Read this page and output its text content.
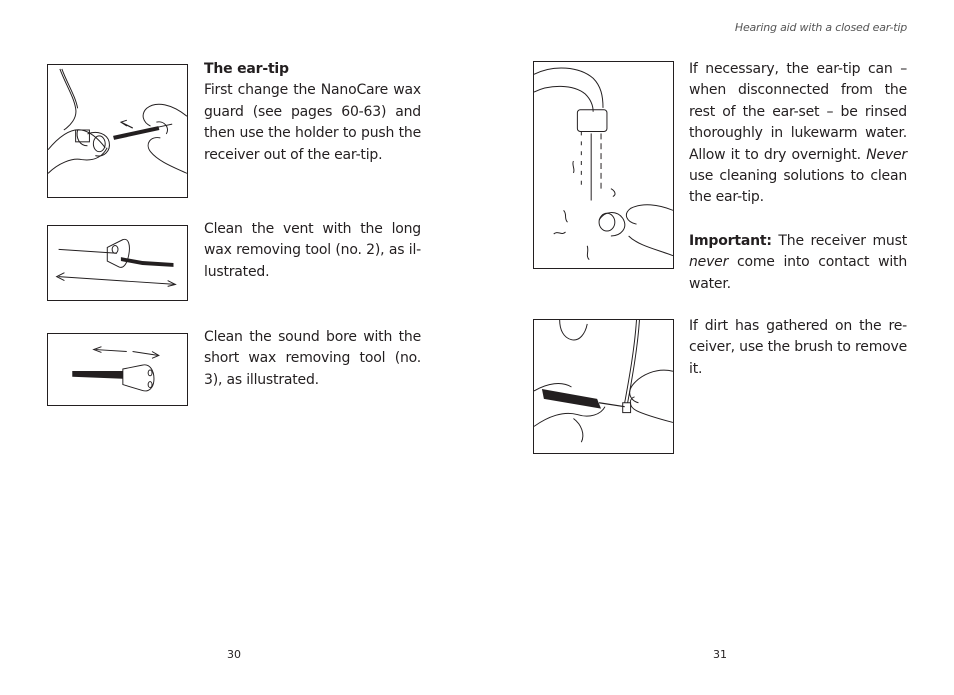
The ear-tip

First change the NanoCare wax guard (see pages 60-63) and then use the holder to push the receiver out of the ear-tip.

Clean the vent with the long wax removing tool (no. 2), as il-lustrated.

Clean the sound bore with the short wax removing tool (no. 3), as illustrated.

30
Hearing aid with a closed ear-tip

If necessary, the ear-tip can – when disconnected from the rest of the ear-set – be rinsed thoroughly in lukewarm water. Allow it to dry overnight. Never use cleaning solutions to clean the ear-tip.

Important: The receiver must never come into contact with water.

If dirt has gathered on the re-ceiver, use the brush to remove it.

31
